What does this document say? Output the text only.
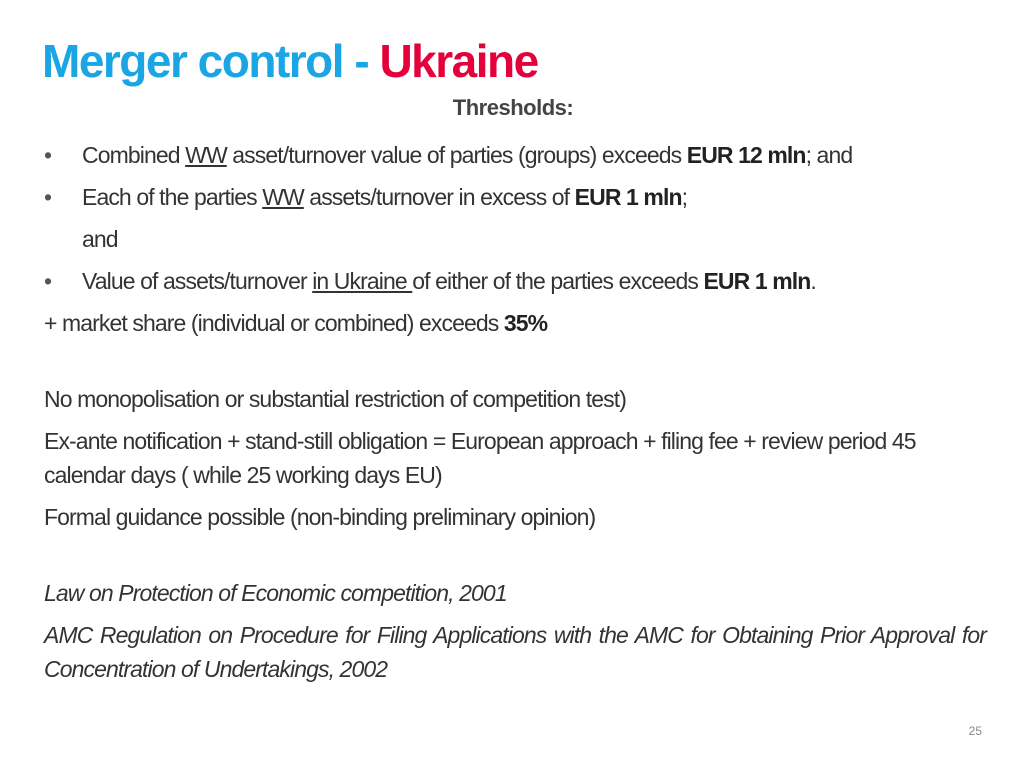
Merger control - Ukraine
Thresholds:
• Combined WW asset/turnover value of parties (groups) exceeds EUR 12 mln; and
• Each of the parties WW assets/turnover in excess of EUR 1 mln;
and
• Value of assets/turnover in Ukraine of either of the parties exceeds EUR 1 mln.

+ market share (individual or combined) exceeds 35%

No monopolisation or substantial restriction of competition test)

Ex-ante notification + stand-still obligation = European approach + filing fee + review period 45 calendar days ( while 25 working days EU)

Formal guidance possible (non-binding preliminary opinion)

Law on Protection of Economic competition, 2001

AMC Regulation on Procedure for Filing Applications with the AMC for Obtaining Prior Approval for Concentration of Undertakings, 2002

25
